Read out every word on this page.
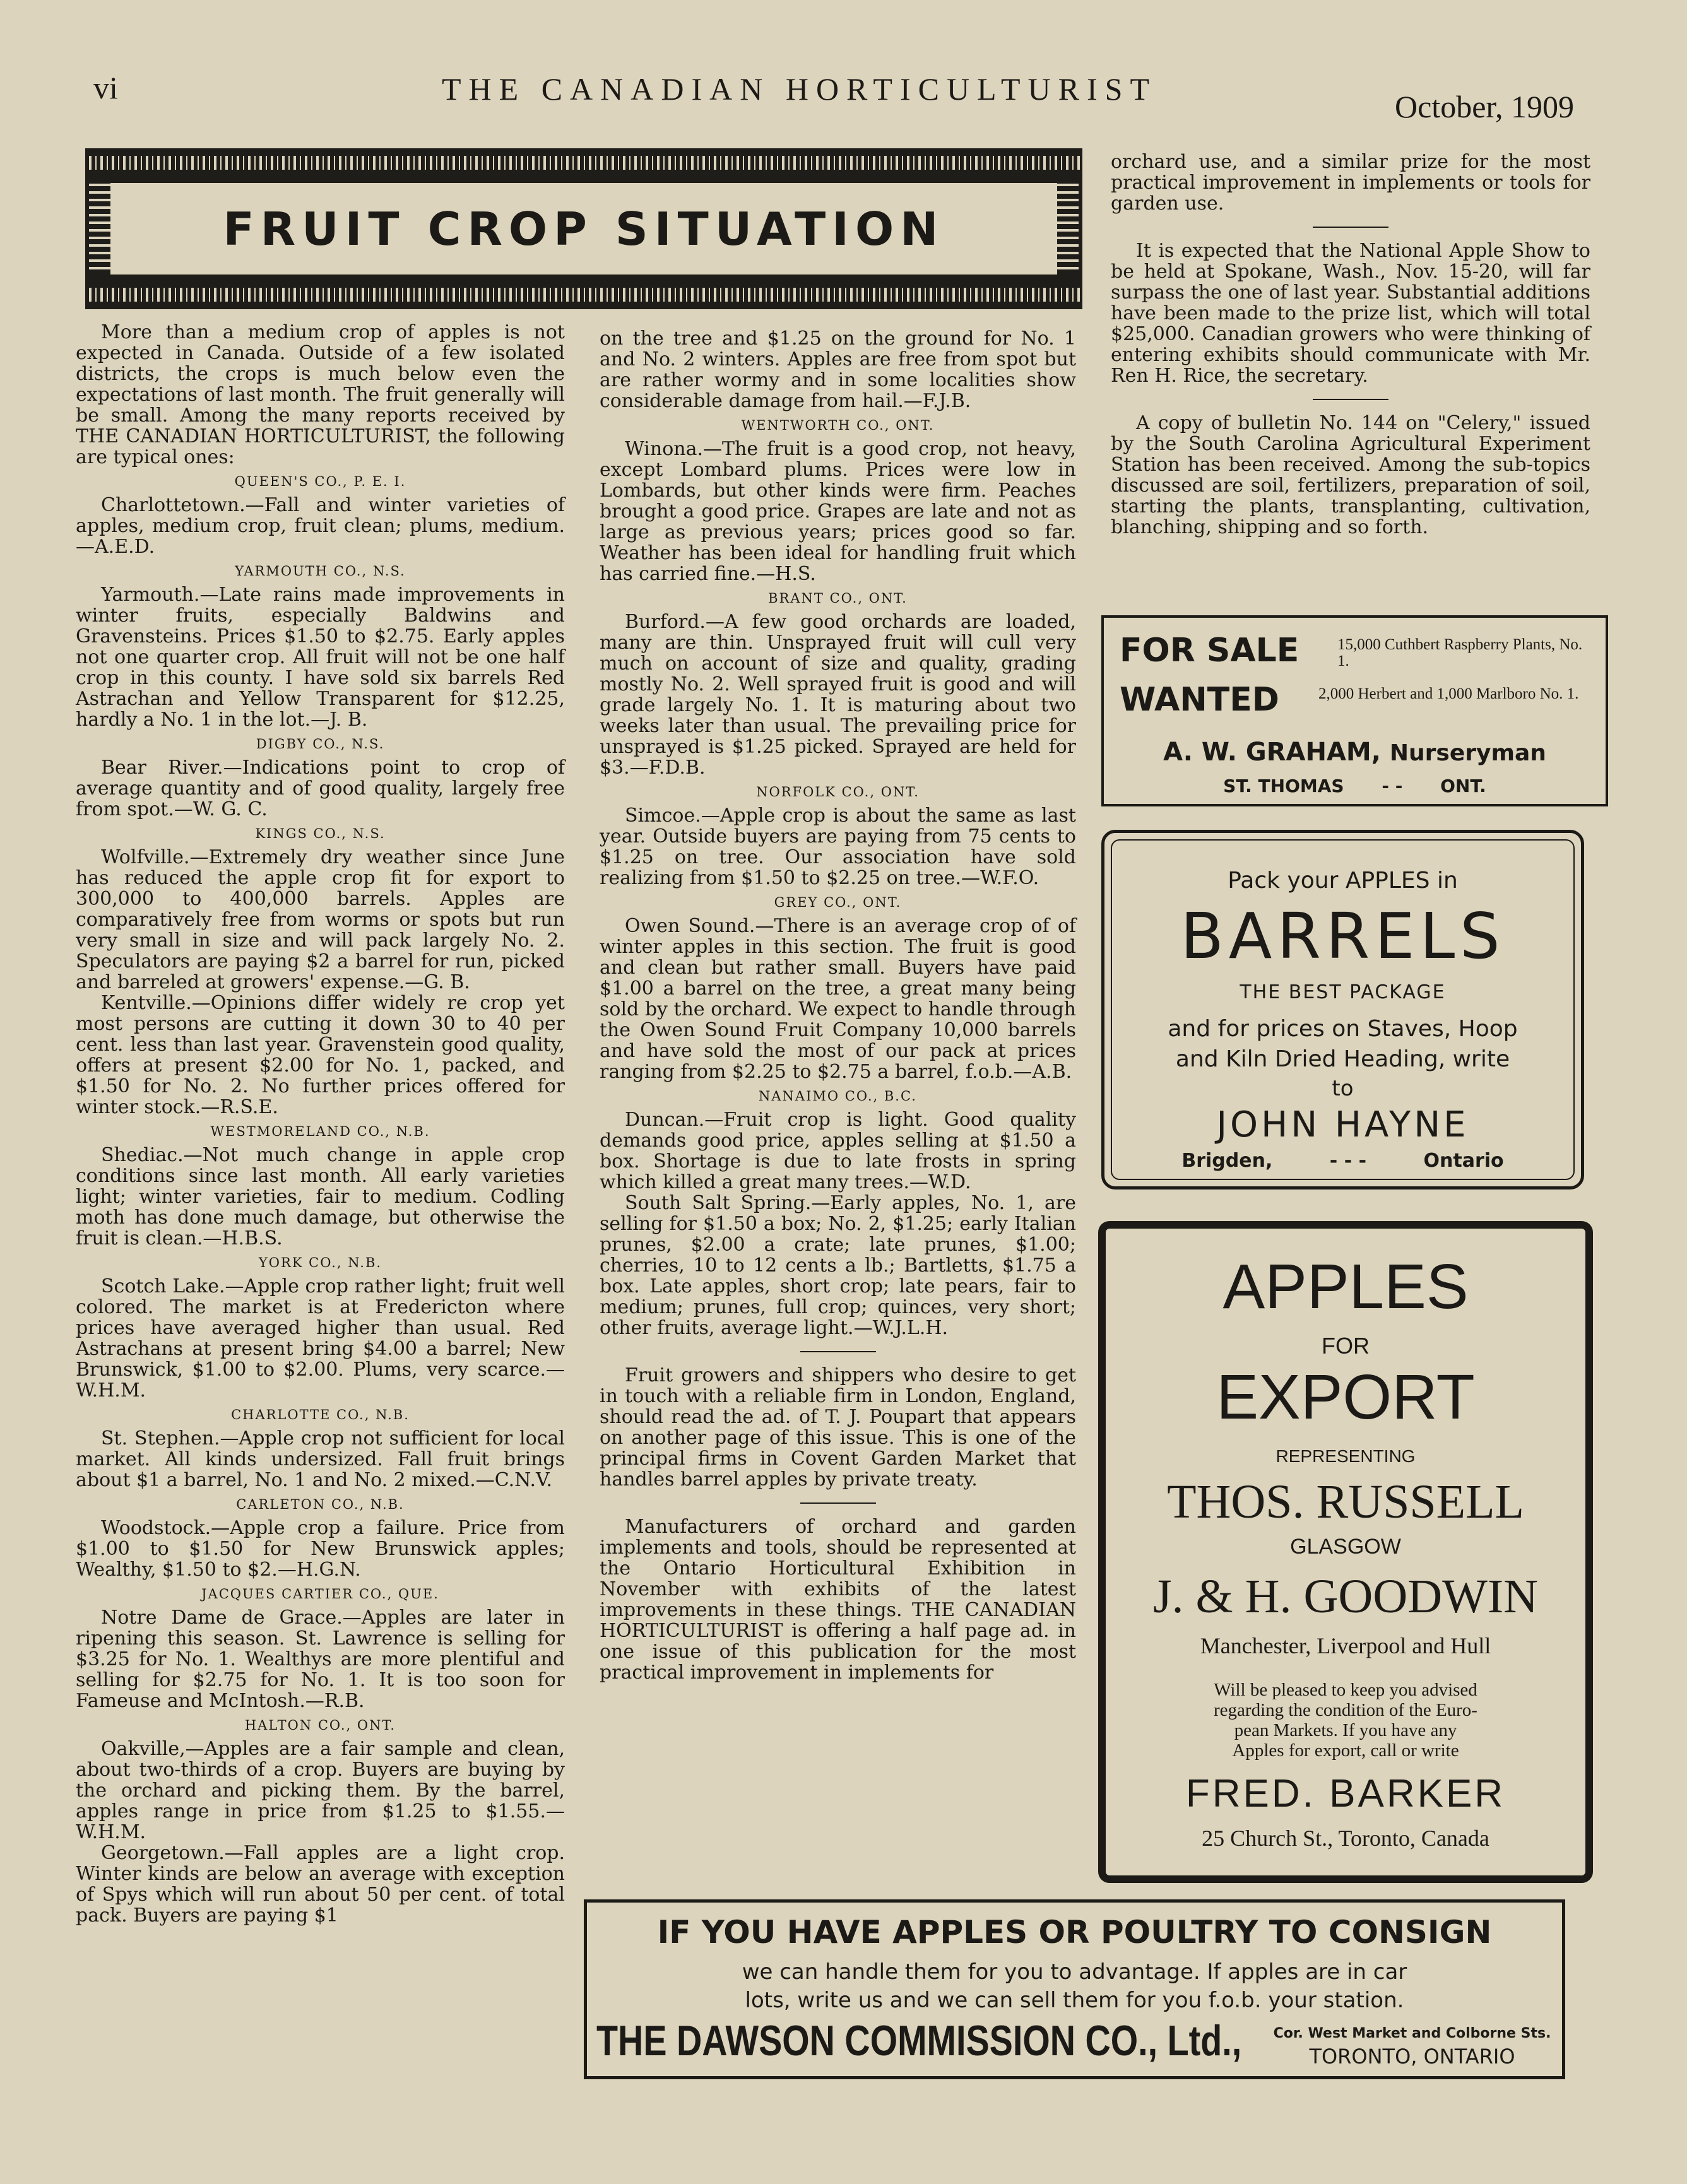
vi	THE CANADIAN HORTICULTURIST	October, 1909
FRUIT CROP SITUATION

More than a medium crop of apples is not expected in Canada. Outside of a few isolated districts, the crops is much below even the expectations of last month. The fruit generally will be small. Among the many reports received by THE CANADIAN HORTICULTURIST, the following are typical ones:

QUEEN'S CO., P. E. I.

Charlottetown.—Fall and winter varieties of apples, medium crop, fruit clean; plums, medium.—A.E.D.

YARMOUTH CO., N.S.

Yarmouth.—Late rains made improvements in winter fruits, especially Baldwins and Gravensteins. Prices $1.50 to $2.75. Early apples not one quarter crop. All fruit will not be one half crop in this county. I have sold six barrels Red Astrachan and Yellow Transparent for $12.25, hardly a No. 1 in the lot.—J. B.

DIGBY CO., N.S.

Bear River.—Indications point to crop of average quantity and of good quality, largely free from spot.—W. G. C.

KINGS CO., N.S.

Wolfville.—Extremely dry weather since June has reduced the apple crop fit for export to 300,000 to 400,000 barrels. Apples are comparatively free from worms or spots but run very small in size and will pack largely No. 2. Speculators are paying $2 a barrel for run, picked and barreled at growers' expense.—G. B.

Kentville.—Opinions differ widely re crop yet most persons are cutting it down 30 to 40 per cent. less than last year. Gravenstein good quality, offers at present $2.00 for No. 1, packed, and $1.50 for No. 2. No further prices offered for winter stock.—R.S.E.

WESTMORELAND CO., N.B.

Shediac.—Not much change in apple crop conditions since last month. All early varieties light; winter varieties, fair to medium. Codling moth has done much damage, but otherwise the fruit is clean.—H.B.S.

YORK CO., N.B.

Scotch Lake.—Apple crop rather light; fruit well colored. The market is at Fredericton where prices have averaged higher than usual. Red Astrachans at present bring $4.00 a barrel; New Brunswick, $1.00 to $2.00. Plums, very scarce.—W.H.M.

CHARLOTTE CO., N.B.

St. Stephen.—Apple crop not sufficient for local market. All kinds undersized. Fall fruit brings about $1 a barrel, No. 1 and No. 2 mixed.—C.N.V.

CARLETON CO., N.B.

Woodstock.—Apple crop a failure. Price from $1.00 to $1.50 for New Brunswick apples; Wealthy, $1.50 to $2.—H.G.N.

JACQUES CARTIER CO., QUE.

Notre Dame de Grace.—Apples are later in ripening this season. St. Lawrence is selling for $3.25 for No. 1. Wealthys are more plentiful and selling for $2.75 for No. 1. It is too soon for Fameuse and McIntosh.—R.B.

HALTON CO., ONT.

Oakville,—Apples are a fair sample and clean, about two-thirds of a crop. Buyers are buying by the orchard and picking them. By the barrel, apples range in price from $1.25 to $1.55.—W.H.M.

Georgetown.—Fall apples are a light crop. Winter kinds are below an average with exception of Spys which will run about 50 per cent. of total pack. Buyers are paying $1

on the tree and $1.25 on the ground for No. 1 and No. 2 winters. Apples are free from spot but are rather wormy and in some localities show considerable damage from hail.—F.J.B.

WENTWORTH CO., ONT.

Winona.—The fruit is a good crop, not heavy, except Lombard plums. Prices were low in Lombards, but other kinds were firm. Peaches brought a good price. Grapes are late and not as large as previous years; prices good so far. Weather has been ideal for handling fruit which has carried fine.—H.S.

BRANT CO., ONT.

Burford.—A few good orchards are loaded, many are thin. Unsprayed fruit will cull very much on account of size and quality, grading mostly No. 2. Well sprayed fruit is good and will grade largely No. 1. It is maturing about two weeks later than usual. The prevailing price for unsprayed is $1.25 picked. Sprayed are held for $3.—F.D.B.

NORFOLK CO., ONT.

Simcoe.—Apple crop is about the same as last year. Outside buyers are paying from 75 cents to $1.25 on tree. Our association have sold realizing from $1.50 to $2.25 on tree.—W.F.O.

GREY CO., ONT.

Owen Sound.—There is an average crop of of winter apples in this section. The fruit is good and clean but rather small. Buyers have paid $1.00 a barrel on the tree, a great many being sold by the orchard. We expect to handle through the Owen Sound Fruit Company 10,000 barrels and have sold the most of our pack at prices ranging from $2.25 to $2.75 a barrel, f.o.b.—A.B.

NANAIMO CO., B.C.

Duncan.—Fruit crop is light. Good quality demands good price, apples selling at $1.50 a box. Shortage is due to late frosts in spring which killed a great many trees.—W.D.

South Salt Spring.—Early apples, No. 1, are selling for $1.50 a box; No. 2, $1.25; early Italian prunes, $2.00 a crate; late prunes, $1.00; cherries, 10 to 12 cents a lb.; Bartletts, $1.75 a box. Late apples, short crop; late pears, fair to medium; prunes, full crop; quinces, very short; other fruits, average light.—W.J.L.H.

Fruit growers and shippers who desire to get in touch with a reliable firm in London, England, should read the ad. of T. J. Poupart that appears on another page of this issue. This is one of the principal firms in Covent Garden Market that handles barrel apples by private treaty.

Manufacturers of orchard and garden implements and tools, should be represented at the Ontario Horticultural Exhibition in November with exhibits of the latest improvements in these things. THE CANADIAN HORTICULTURIST is offering a half page ad. in one issue of this publication for the most practical improvement in implements for

orchard use, and a similar prize for the most practical improvement in implements or tools for garden use.

It is expected that the National Apple Show to be held at Spokane, Wash., Nov. 15-20, will far surpass the one of last year. Substantial additions have been made to the prize list, which will total $25,000. Canadian growers who were thinking of entering exhibits should communicate with Mr. Ren H. Rice, the secretary.

A copy of bulletin No. 144 on "Celery," issued by the South Carolina Agricultural Experiment Station has been received. Among the sub-topics discussed are soil, fertilizers, preparation of soil, starting the plants, transplanting, cultivation, blanching, shipping and so forth.

FOR SALE 15,000 Cuthbert Raspberry Plants, No. 1.
WANTED 2,000 Herbert and 1,000 Marlboro No. 1.
A. W. GRAHAM, Nurseryman
ST. THOMAS - - ONT.
Pack your APPLES in
BARRELS
THE BEST PACKAGE
and for prices on Staves, Hoop
and Kiln Dried Heading, write
to
JOHN HAYNE
Brigden,	- - -	Ontario
APPLES
FOR
EXPORT
REPRESENTING
THOS. RUSSELL
GLASGOW
J. & H. GOODWIN
Manchester, Liverpool and Hull
Will be pleased to keep you advised
regarding the condition of the Euro-
pean Markets. If you have any
Apples for export, call or write
FRED. BARKER
25 Church St., Toronto, Canada
IF YOU HAVE APPLES OR POULTRY TO CONSIGN
we can handle them for you to advantage. If apples are in car
lots, write us and we can sell them for you f.o.b. your station.
THE DAWSON COMMISSION CO., Ltd.,	Cor. West Market and Colborne Sts.
TORONTO, ONTARIO
